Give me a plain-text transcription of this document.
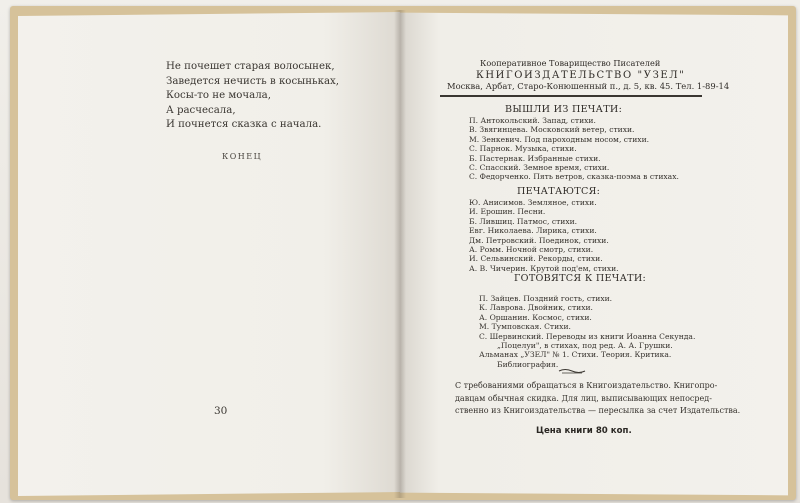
Не почешет старая волосынек,
Заведется нечисть в косыньках,
Косы-то не мочала,
А расчесала,
И почнется сказка с начала.
КОНЕЦ
30
Кооперативное Товарищество Писателей
КНИГОИЗДАТЕЛЬСТВО "УЗЕЛ"
Москва, Арбат, Старо-Конюшенный п., д. 5, кв. 45. Тел. 1-89-14
ВЫШЛИ ИЗ ПЕЧАТИ:
П. Антокольский. Запад, стихи.
В. Звягинцева. Московский ветер, стихи.
М. Зенкевич. Под пароходным носом, стихи.
С. Парнок. Музыка, стихи.
Б. Пастернак. Избранные стихи.
С. Спасский. Земное время, стихи.
С. Федорченко. Пять ветров, сказка-поэма в стихах.
ПЕЧАТАЮТСЯ:
Ю. Анисимов. Земляное, стихи.
И. Ерошин. Песни.
Б. Лившиц. Патмос, стихи.
Евг. Николаева. Лирика, стихи.
Дм. Петровский. Поединок, стихи.
А. Ромм. Ночной смотр, стихи.
И. Сельвинский. Рекорды, стихи.
А. В. Чичерин. Крутой под'ем, стихи.
ГОТОВЯТСЯ К ПЕЧАТИ:
П. Зайцев. Поздний гость, стихи.
К. Лаврова. Двойник, стихи.
А. Оршанин. Космос, стихи.
М. Тумповская. Стихи.
С. Шервинский. Переводы из книги Иоанна Секунда.
„Поцелуи", в стихах, под ред. А. А. Грушки.
Альманах „УЗЕЛ" № 1. Стихи. Теория. Критика.
Библиография.
С требованиями обращаться в Книгоиздательство. Книгопро-
давцам обычная скидка. Для лиц, выписывающих непосред-
ственно из Книгоиздательства — пересылка за счет Издательства.
Цена книги 80 коп.
